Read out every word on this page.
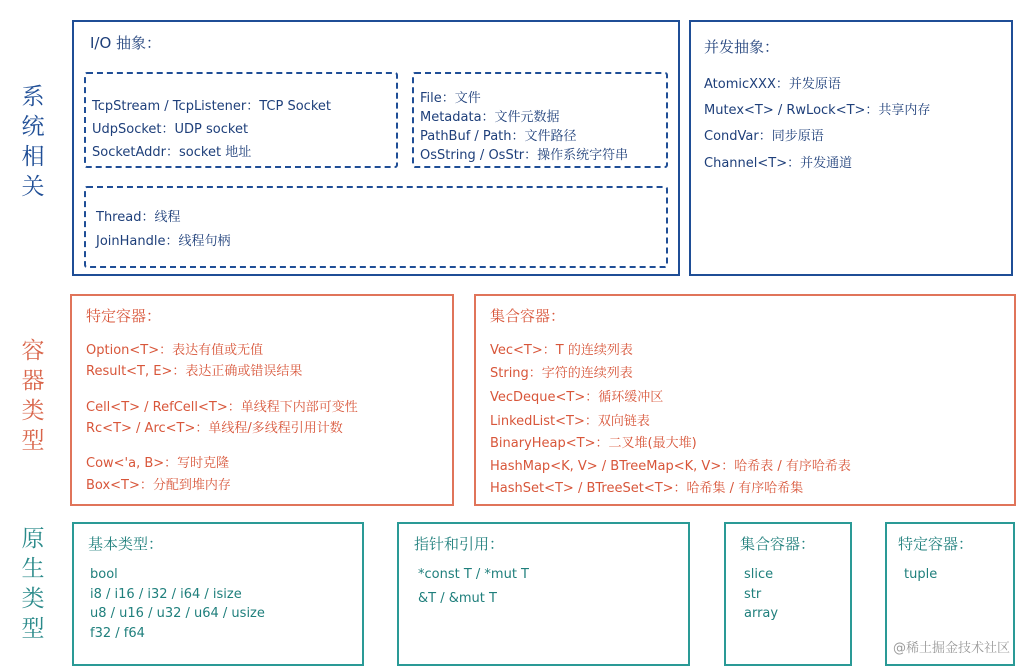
系
统
相
关
容
器
类
型
原
生
类
型
I/O 抽象：
TcpStream / TcpListener：TCP Socket
UdpSocket：UDP socket
SocketAddr：socket 地址
File：文件
Metadata：文件元数据
PathBuf / Path：文件路径
OsString / OsStr：操作系统字符串
Thread：线程
JoinHandle：线程句柄
并发抽象：
AtomicXXX：并发原语
Mutex<T> / RwLock<T>：共享内存
CondVar：同步原语
Channel<T>：并发通道
特定容器：
Option<T>：表达有值或无值
Result<T, E>：表达正确或错误结果
Cell<T> / RefCell<T>：单线程下内部可变性
Rc<T> / Arc<T>：单线程/多线程引用计数
Cow<'a, B>：写时克隆
Box<T>：分配到堆内存
集合容器：
Vec<T>：T 的连续列表
String：字符的连续列表
VecDeque<T>：循环缓冲区
LinkedList<T>：双向链表
BinaryHeap<T>：二叉堆(最大堆)
HashMap<K, V> / BTreeMap<K, V>：哈希表 / 有序哈希表
HashSet<T> / BTreeSet<T>：哈希集 / 有序哈希集
基本类型：
bool
i8 / i16 / i32 / i64 / isize
u8 / u16 / u32 / u64 / usize
f32 / f64
指针和引用：
*const T / *mut T
&T / &mut T
集合容器：
slice
str
array
特定容器：
tuple
@稀土掘金技术社区
